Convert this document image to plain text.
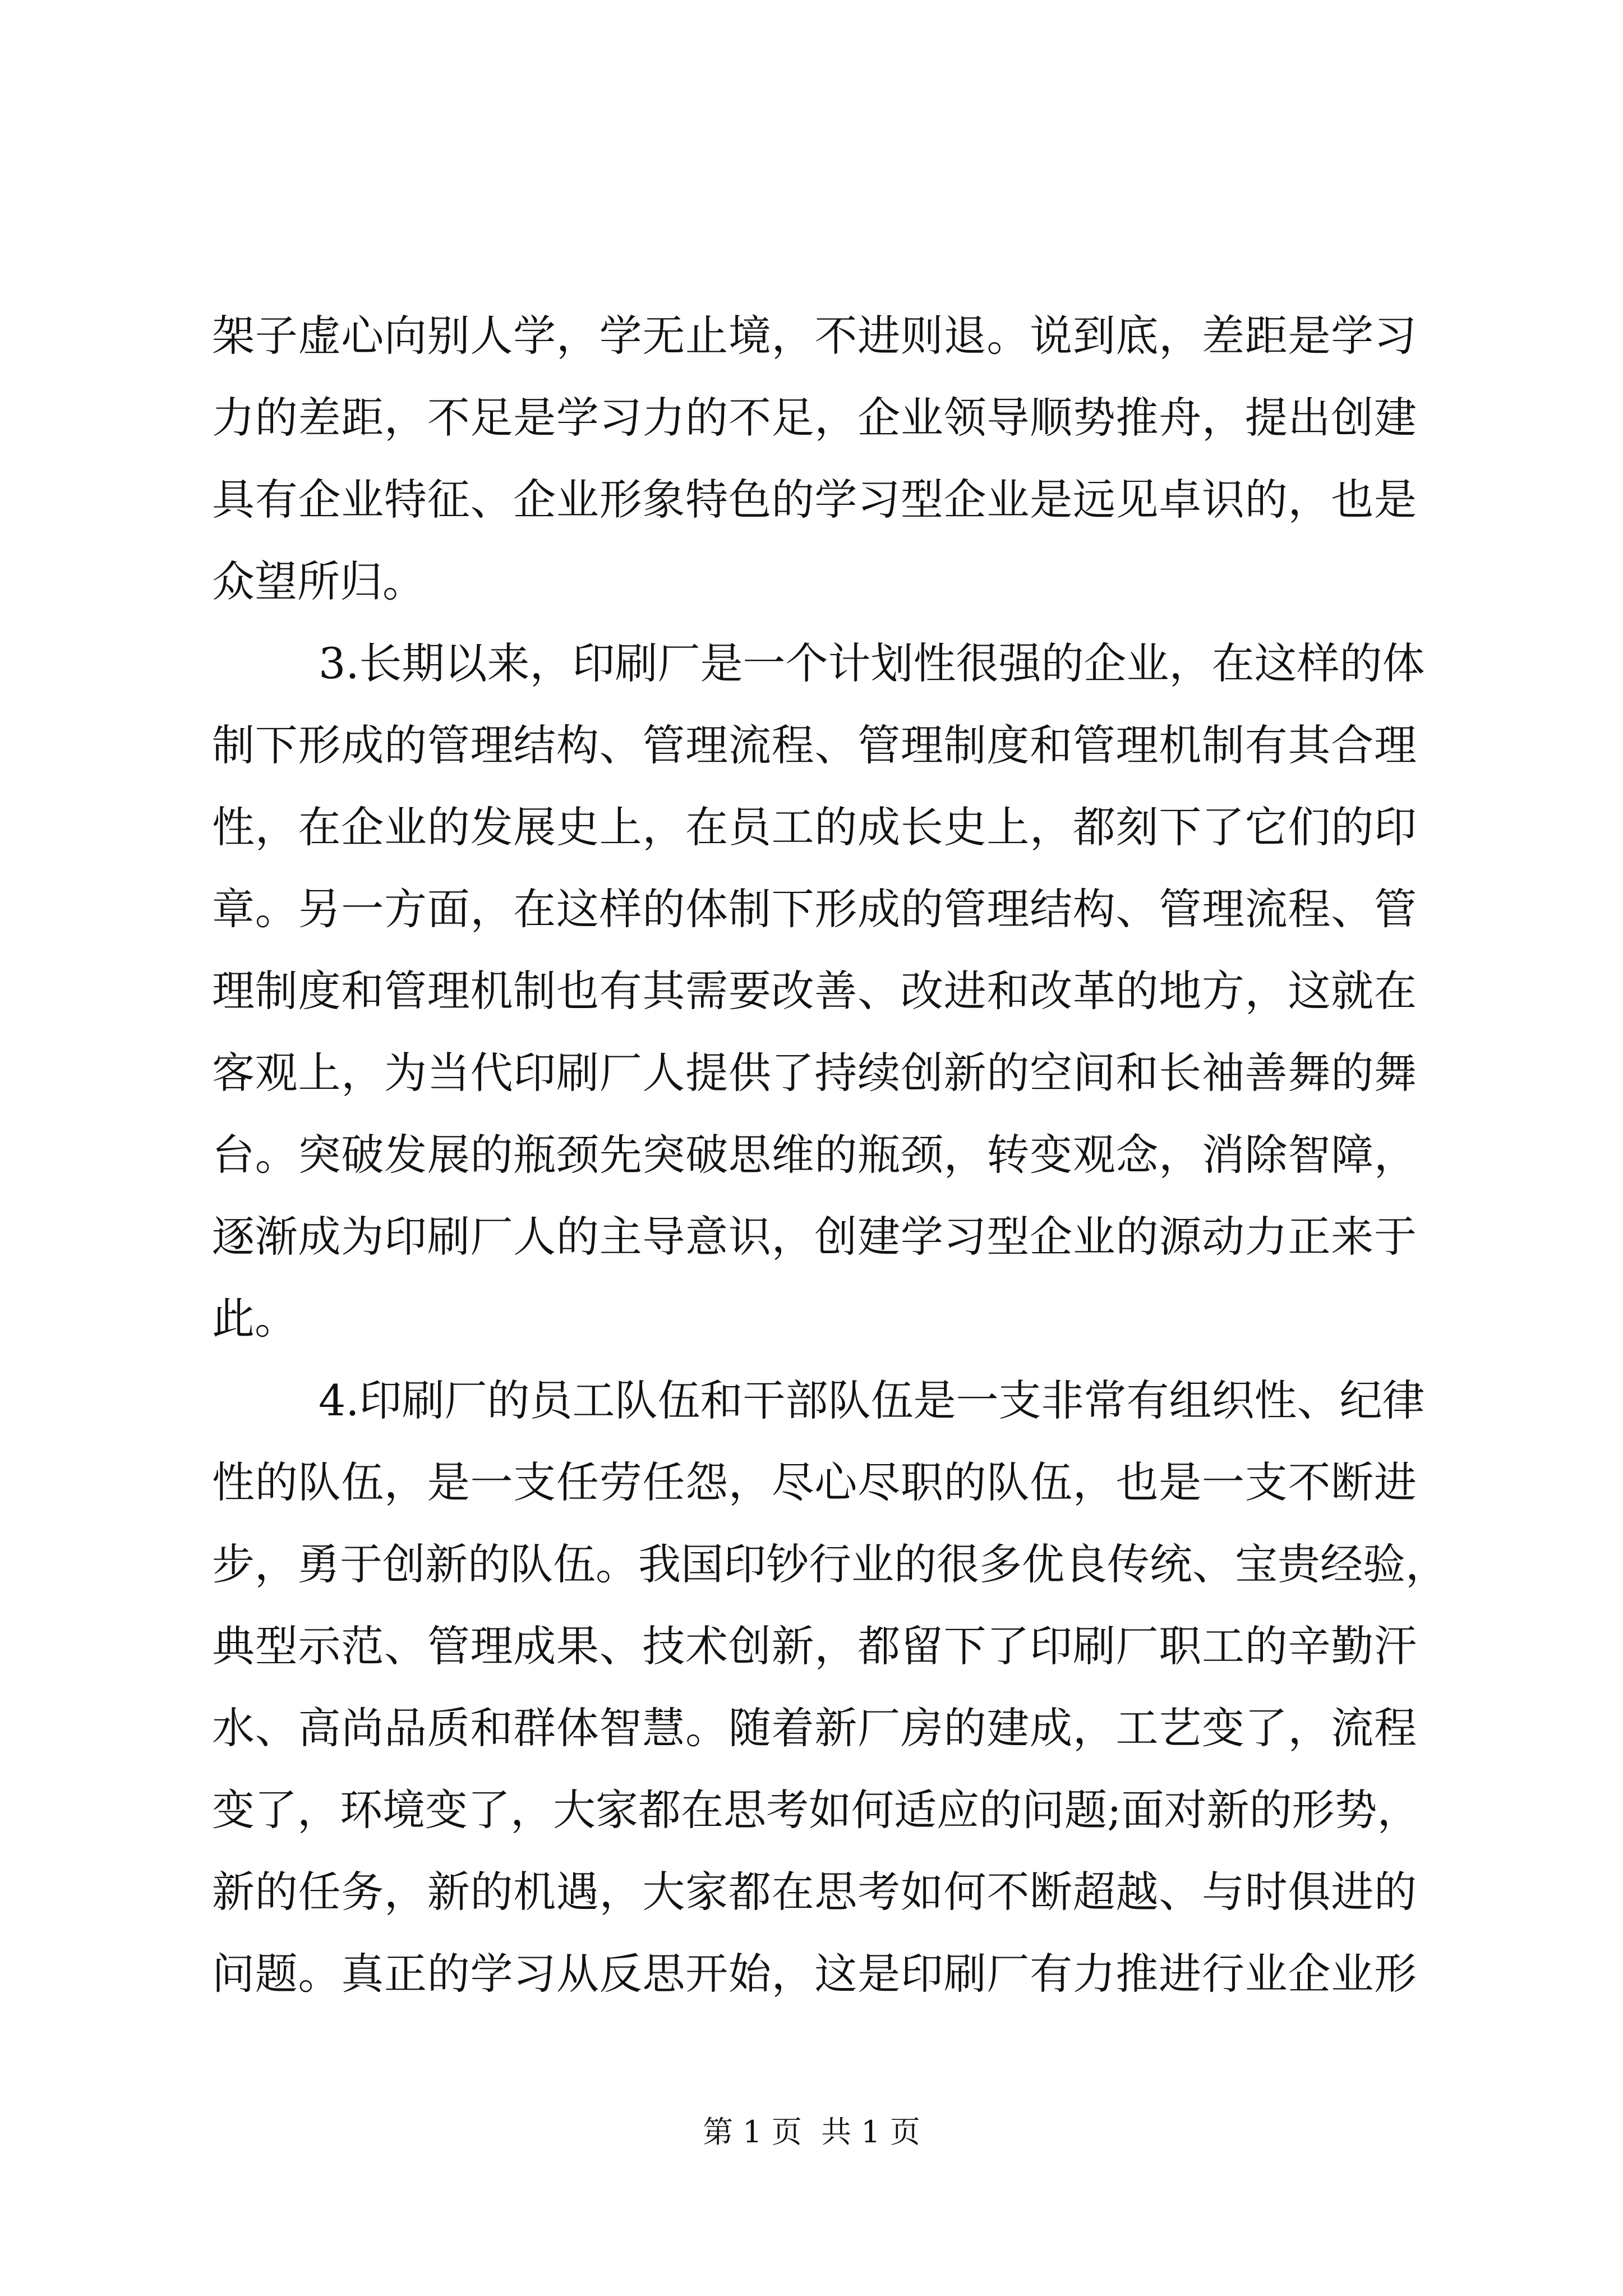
架子虚心向别人学，学无止境，不进则退。说到底，差距是学习
力的差距，不足是学习力的不足，企业领导顺势推舟，提出创建
具有企业特征、企业形象特色的学习型企业是远见卓识的，也是
众望所归。
3.长期以来，印刷厂是一个计划性很强的企业，在这样的体
制下形成的管理结构、管理流程、管理制度和管理机制有其合理
性，在企业的发展史上，在员工的成长史上，都刻下了它们的印
章。另一方面，在这样的体制下形成的管理结构、管理流程、管
理制度和管理机制也有其需要改善、改进和改革的地方，这就在
客观上，为当代印刷厂人提供了持续创新的空间和长袖善舞的舞
台。突破发展的瓶颈先突破思维的瓶颈，转变观念，消除智障，
逐渐成为印刷厂人的主导意识，创建学习型企业的源动力正来于
此。
4.印刷厂的员工队伍和干部队伍是一支非常有组织性、纪律
性的队伍，是一支任劳任怨，尽心尽职的队伍，也是一支不断进
步，勇于创新的队伍。我国印钞行业的很多优良传统、宝贵经验，
典型示范、管理成果、技术创新，都留下了印刷厂职工的辛勤汗
水、高尚品质和群体智慧。随着新厂房的建成，工艺变了，流程
变了，环境变了，大家都在思考如何适应的问题;面对新的形势，
新的任务，新的机遇，大家都在思考如何不断超越、与时俱进的
问题。真正的学习从反思开始，这是印刷厂有力推进行业企业形
第 1 页  共 1 页
